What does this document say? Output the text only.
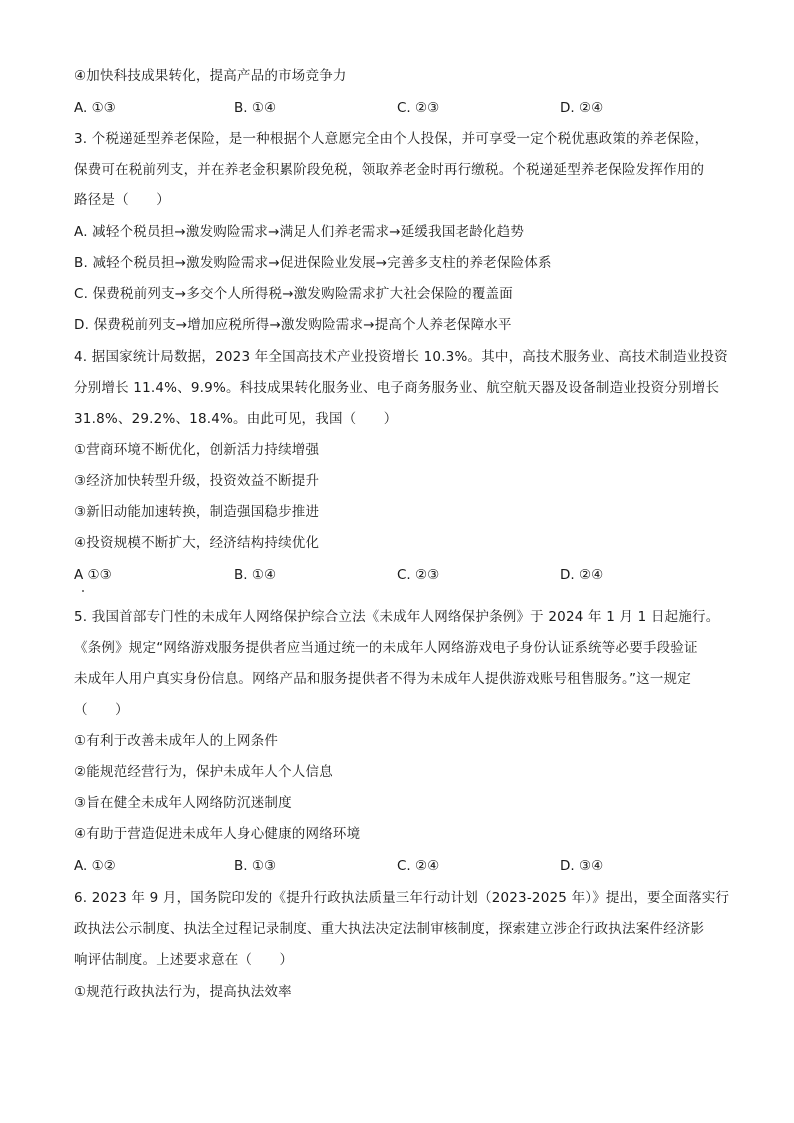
④加快科技成果转化，提高产品的市场竞争力
A. ①③	B. ①④	C. ②③	D. ②④
3. 个税递延型养老保险，是一种根据个人意愿完全由个人投保，并可享受一定个税优惠政策的养老保险，
保费可在税前列支，并在养老金积累阶段免税，领取养老金时再行缴税。个税递延型养老保险发挥作用的
路径是（　　）
A. 减轻个税员担→激发购险需求→满足人们养老需求→延缓我国老龄化趋势
B. 减轻个税员担→激发购险需求→促进保险业发展→完善多支柱的养老保险体系
C. 保费税前列支→多交个人所得税→激发购险需求扩大社会保险的覆盖面
D. 保费税前列支→增加应税所得→激发购险需求→提高个人养老保障水平
4. 据国家统计局数据，2023 年全国高技术产业投资增长 10.3%。其中，高技术服务业、高技术制造业投资
分别增长 11.4%、9.9%。科技成果转化服务业、电子商务服务业、航空航天器及设备制造业投资分别增长
31.8%、29.2%、18.4%。由此可见，我国（　　）
①营商环境不断优化，创新活力持续增强
③经济加快转型升级，投资效益不断提升
③新旧动能加速转换，制造强国稳步推进
④投资规模不断扩大，经济结构持续优化
A ①③	B. ①④	C. ②③	D. ②④
5. 我国首部专门性的未成年人网络保护综合立法《未成年人网络保护条例》于 2024 年 1 月 1 日起施行。
《条例》规定“网络游戏服务提供者应当通过统一的未成年人网络游戏电子身份认证系统等必要手段验证
未成年人用户真实身份信息。网络产品和服务提供者不得为未成年人提供游戏账号租售服务。”这一规定
（　　）
①有利于改善未成年人的上网条件
②能规范经营行为，保护未成年人个人信息
③旨在健全未成年人网络防沉迷制度
④有助于营造促进未成年人身心健康的网络环境
A. ①②	B. ①③	C. ②④	D. ③④
6. 2023 年 9 月，国务院印发的《提升行政执法质量三年行动计划（2023-2025 年）》提出，要全面落实行
政执法公示制度、执法全过程记录制度、重大执法决定法制审核制度，探索建立涉企行政执法案件经济影
响评估制度。上述要求意在（　　）
①规范行政执法行为，提高执法效率
